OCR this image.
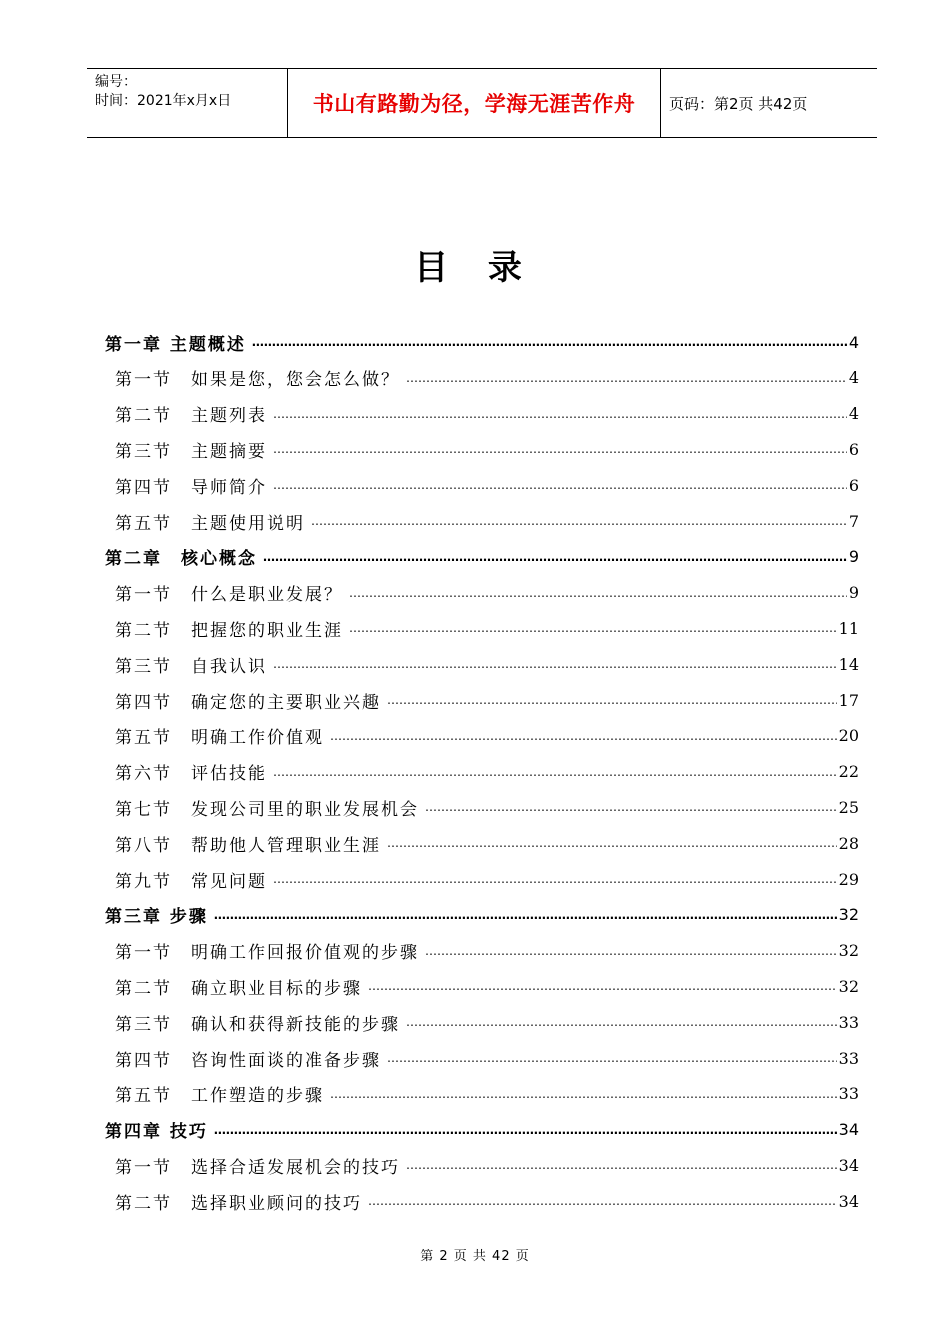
编号：
时间：2021年x月x日	书山有路勤为径，学海无涯苦作舟	页码：第2页 共42页
目 录
第一章 主题概述 …………………………………………………………………………………………………………………………………………………………………………………………………………	4
第一节　如果是您，您会怎么做？ …………………………………………………………………………………………………………………………………………………………………………………………………………	4
第二节　主题列表 …………………………………………………………………………………………………………………………………………………………………………………………………………	4
第三节　主题摘要 …………………………………………………………………………………………………………………………………………………………………………………………………………	6
第四节　导师简介 …………………………………………………………………………………………………………………………………………………………………………………………………………	6
第五节　主题使用说明 …………………………………………………………………………………………………………………………………………………………………………………………………………	7
第二章　核心概念 …………………………………………………………………………………………………………………………………………………………………………………………………………	9
第一节　什么是职业发展？ …………………………………………………………………………………………………………………………………………………………………………………………………………	9
第二节　把握您的职业生涯 …………………………………………………………………………………………………………………………………………………………………………………………………………	11
第三节　自我认识 …………………………………………………………………………………………………………………………………………………………………………………………………………	14
第四节　确定您的主要职业兴趣 …………………………………………………………………………………………………………………………………………………………………………………………………………	17
第五节　明确工作价值观 …………………………………………………………………………………………………………………………………………………………………………………………………………	20
第六节　评估技能 …………………………………………………………………………………………………………………………………………………………………………………………………………	22
第七节　发现公司里的职业发展机会 …………………………………………………………………………………………………………………………………………………………………………………………………………	25
第八节　帮助他人管理职业生涯 …………………………………………………………………………………………………………………………………………………………………………………………………………	28
第九节　常见问题 …………………………………………………………………………………………………………………………………………………………………………………………………………	29
第三章 步骤 …………………………………………………………………………………………………………………………………………………………………………………………………………	32
第一节　明确工作回报价值观的步骤 …………………………………………………………………………………………………………………………………………………………………………………………………………	32
第二节　确立职业目标的步骤 …………………………………………………………………………………………………………………………………………………………………………………………………………	32
第三节　确认和获得新技能的步骤 …………………………………………………………………………………………………………………………………………………………………………………………………………	33
第四节　咨询性面谈的准备步骤 …………………………………………………………………………………………………………………………………………………………………………………………………………	33
第五节　工作塑造的步骤 …………………………………………………………………………………………………………………………………………………………………………………………………………	33
第四章 技巧 …………………………………………………………………………………………………………………………………………………………………………………………………………	34
第一节　选择合适发展机会的技巧 …………………………………………………………………………………………………………………………………………………………………………………………………………	34
第二节　选择职业顾问的技巧 …………………………………………………………………………………………………………………………………………………………………………………………………………	34
第 2 页 共 42 页
